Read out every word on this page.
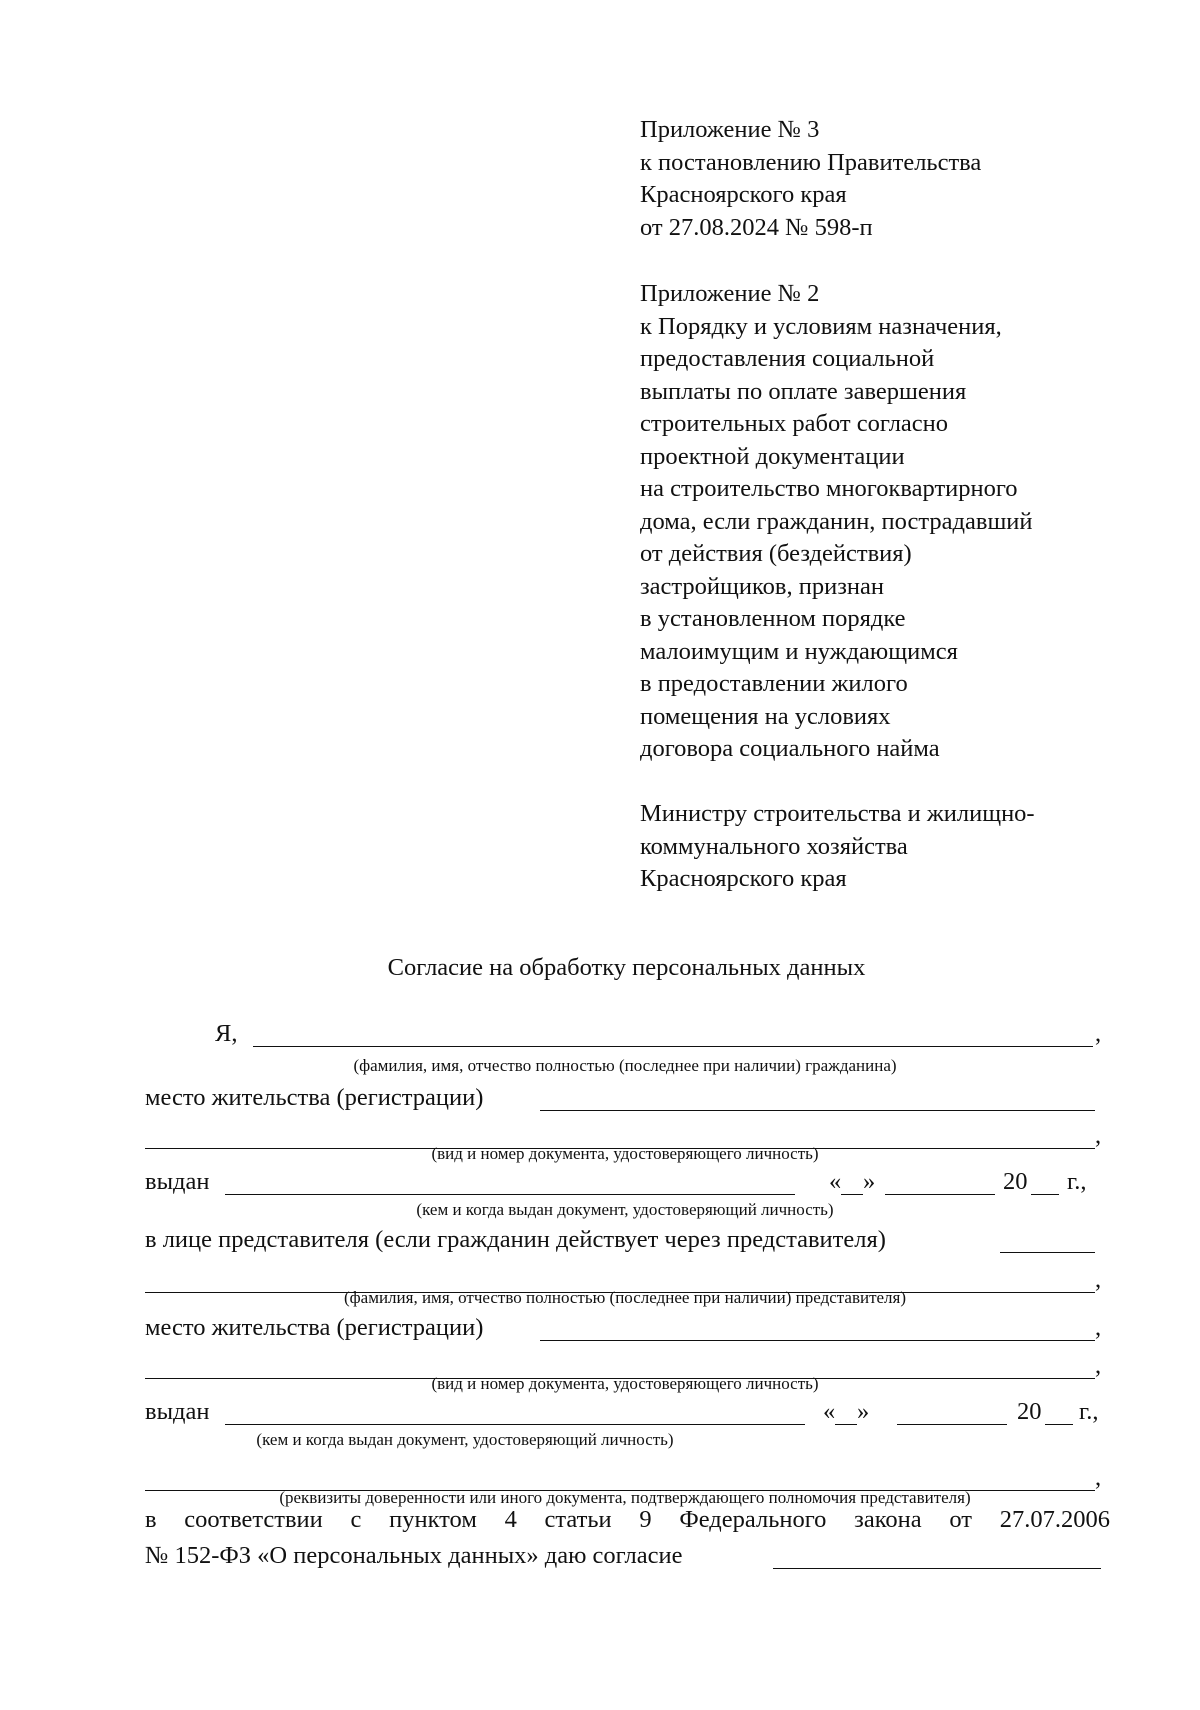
Приложение № 3
к постановлению Правительства
Красноярского края
от 27.08.2024 № 598-п
Приложение № 2
к Порядку и условиям назначения,
предоставления социальной
выплаты по оплате завершения
строительных работ согласно
проектной документации
на строительство многоквартирного
дома, если гражданин, пострадавший
от действия (бездействия)
застройщиков, признан
в установленном порядке
малоимущим и нуждающимся
в предоставлении жилого
помещения на условиях
договора социального найма
Министру строительства и жилищно-
коммунального хозяйства
Красноярского края
Согласие на обработку персональных данных
Я,	,
(фамилия, имя, отчество полностью (последнее при наличии) гражданина)
место жительства (регистрации)
,
(вид и номер документа, удостоверяющего личность)
выдан	« »	20 г.,
(кем и когда выдан документ, удостоверяющий личность)
в лице представителя (если гражданин действует через представителя)
,
(фамилия, имя, отчество полностью (последнее при наличии) представителя)
место жительства (регистрации)	,
,
(вид и номер документа, удостоверяющего личность)
выдан	« »	20 г.,
(кем и когда выдан документ, удостоверяющий личность)
,
(реквизиты доверенности или иного документа, подтверждающего полномочия представителя)
в соответствии с пунктом 4 статьи 9 Федерального закона от 27.07.2006
№ 152-ФЗ «О персональных данных» даю согласие
